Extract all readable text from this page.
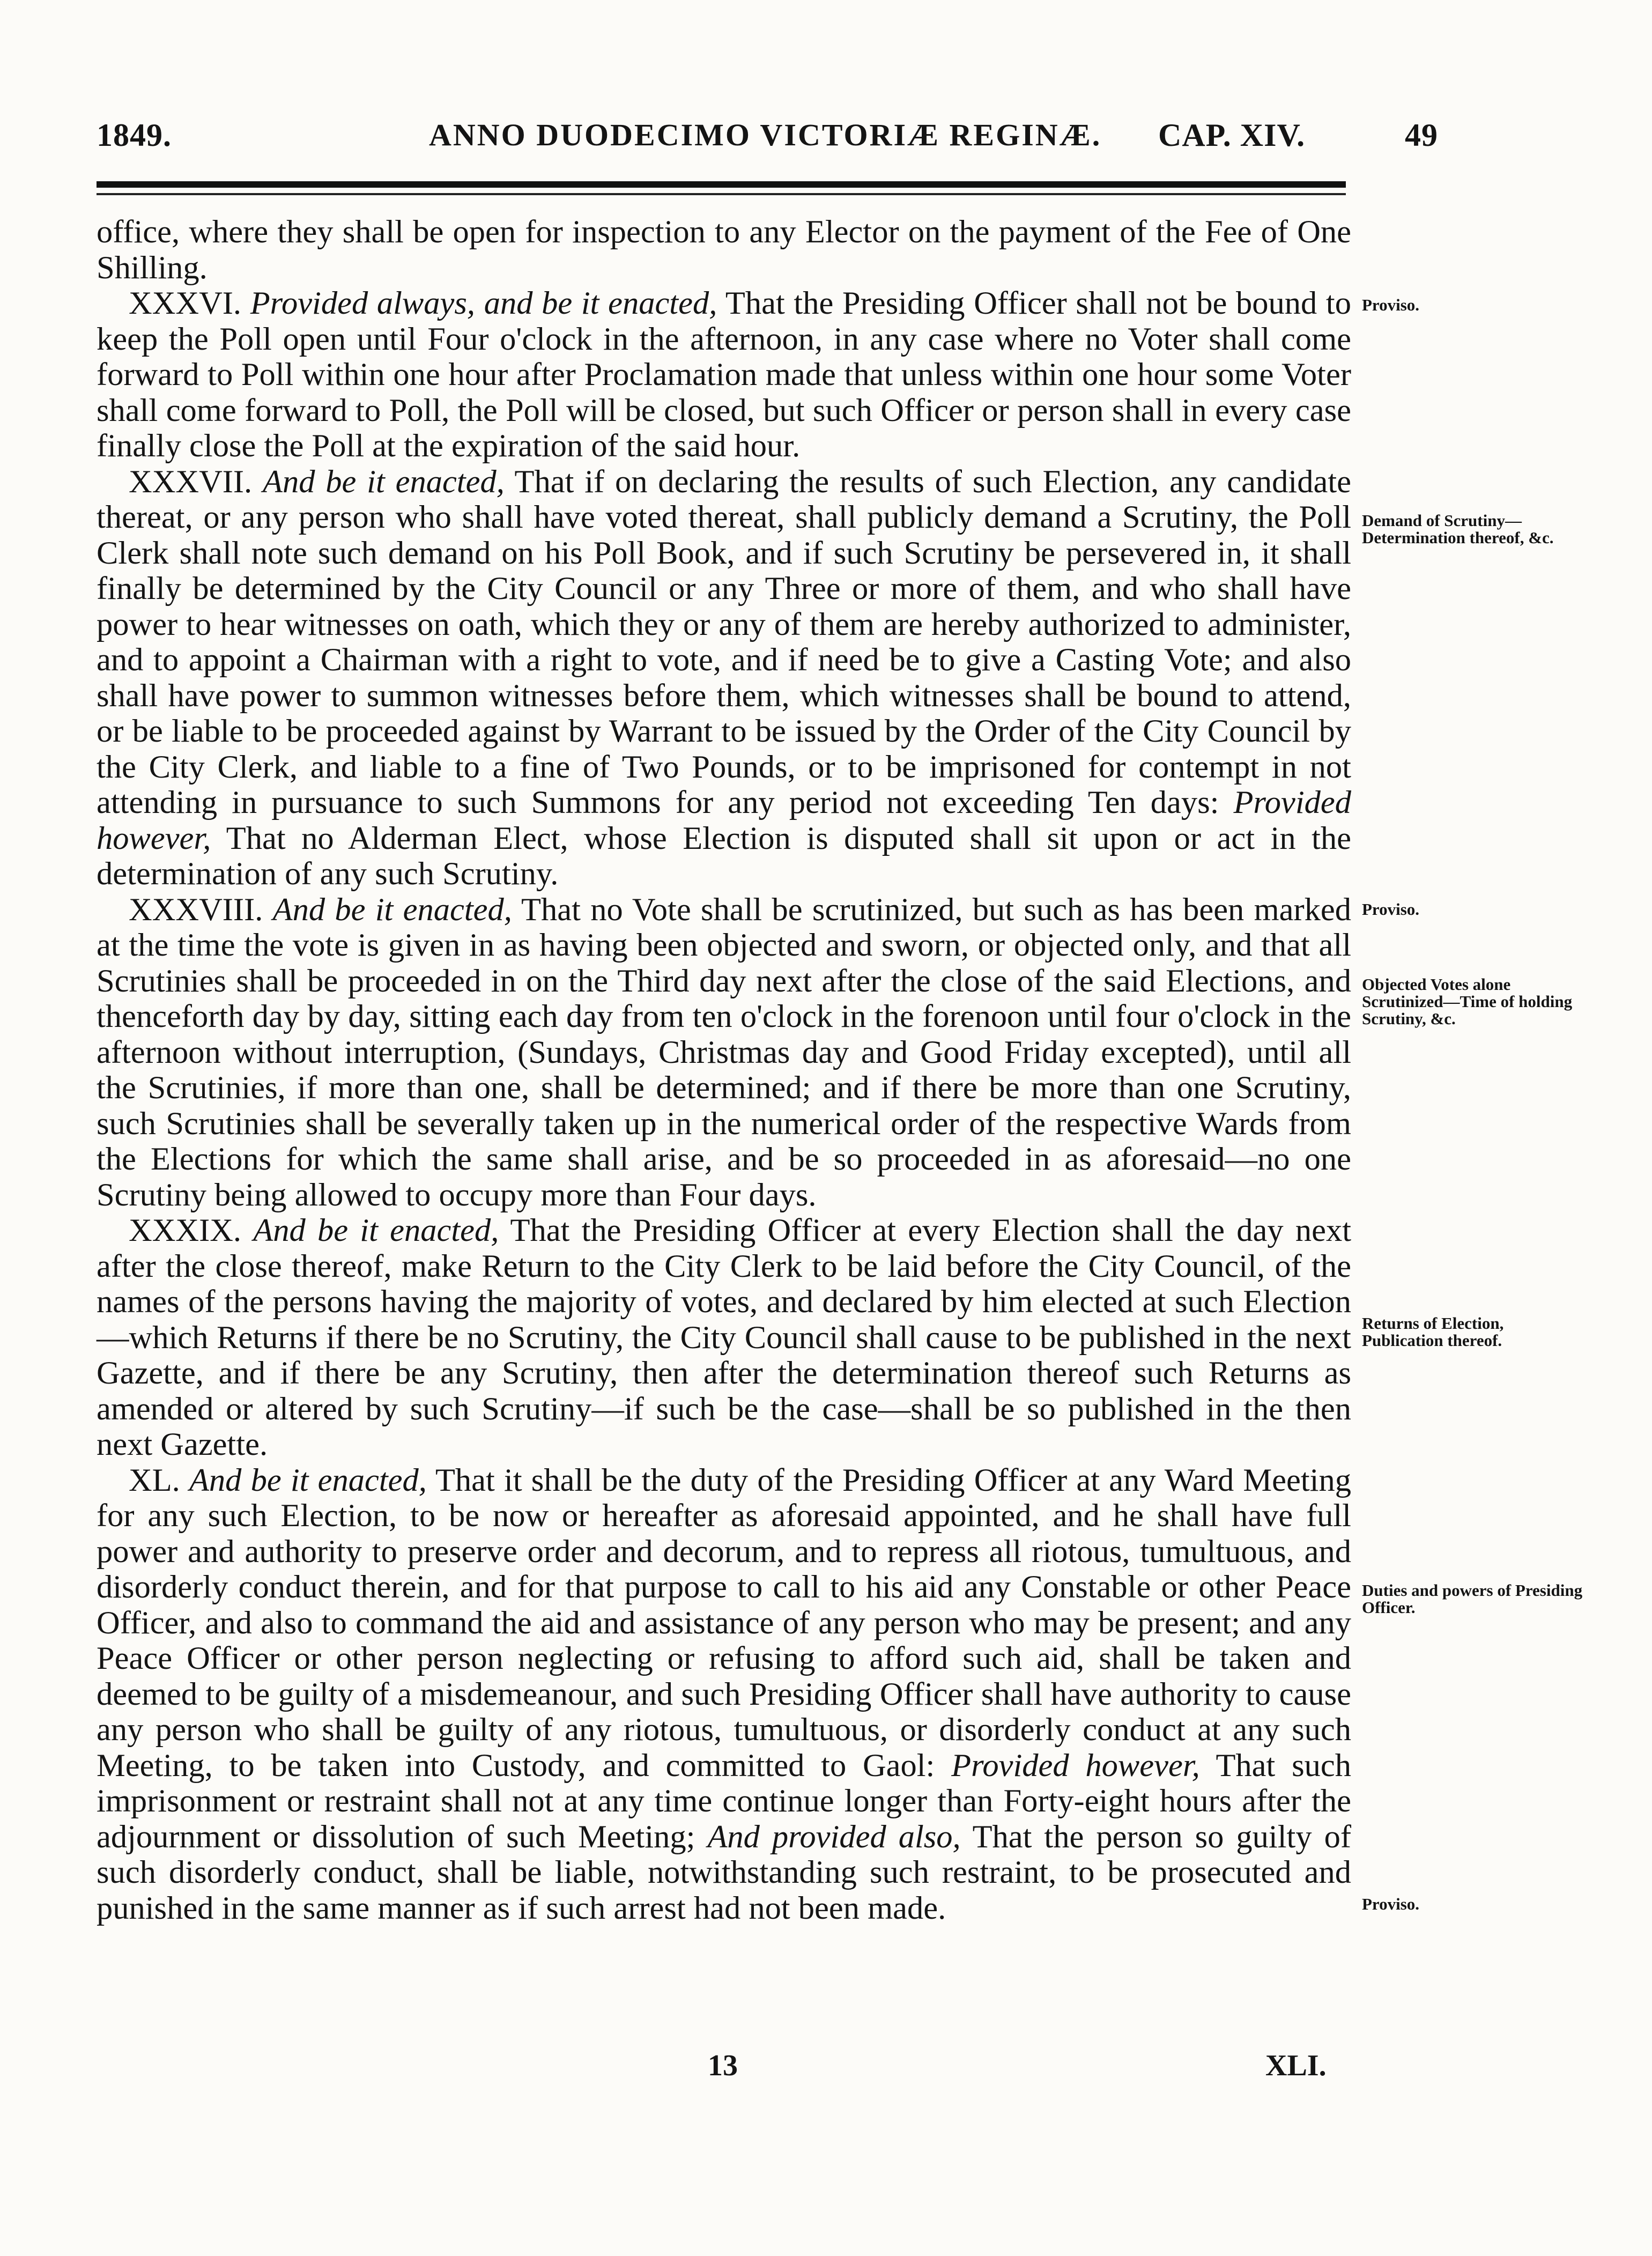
1849.	ANNO DUODECIMO VICTORIÆ REGINÆ. CAP. XIV.	49

office, where they shall be open for inspection to any Elector on the payment of the Fee of One Shilling.

XXXVI. Provided always, and be it enacted, That the Presiding Officer shall not be bound to keep the Poll open until Four o'clock in the afternoon, in any case where no Voter shall come forward to Poll within one hour after Proclamation made that unless within one hour some Voter shall come forward to Poll, the Poll will be closed, but such Officer or person shall in every case finally close the Poll at the expiration of the said hour.

XXXVII. And be it enacted, That if on declaring the results of such Election, any candidate thereat, or any person who shall have voted thereat, shall publicly demand a Scrutiny, the Poll Clerk shall note such demand on his Poll Book, and if such Scrutiny be persevered in, it shall finally be determined by the City Council or any Three or more of them, and who shall have power to hear witnesses on oath, which they or any of them are hereby authorized to administer, and to appoint a Chairman with a right to vote, and if need be to give a Casting Vote; and also shall have power to summon witnesses before them, which witnesses shall be bound to attend, or be liable to be proceeded against by Warrant to be issued by the Order of the City Council by the City Clerk, and liable to a fine of Two Pounds, or to be imprisoned for contempt in not attending in pursuance to such Summons for any period not exceeding Ten days: Provided however, That no Alderman Elect, whose Election is disputed shall sit upon or act in the determination of any such Scrutiny.

XXXVIII. And be it enacted, That no Vote shall be scrutinized, but such as has been marked at the time the vote is given in as having been objected and sworn, or objected only, and that all Scrutinies shall be proceeded in on the Third day next after the close of the said Elections, and thenceforth day by day, sitting each day from ten o'clock in the forenoon until four o'clock in the afternoon without interruption, (Sundays, Christmas day and Good Friday excepted), until all the Scrutinies, if more than one, shall be determined; and if there be more than one Scrutiny, such Scrutinies shall be severally taken up in the numerical order of the respective Wards from the Elections for which the same shall arise, and be so proceeded in as aforesaid—no one Scrutiny being allowed to occupy more than Four days.

XXXIX. And be it enacted, That the Presiding Officer at every Election shall the day next after the close thereof, make Return to the City Clerk to be laid before the City Council, of the names of the persons having the majority of votes, and declared by him elected at such Election—which Returns if there be no Scrutiny, the City Council shall cause to be published in the next Gazette, and if there be any Scrutiny, then after the determination thereof such Returns as amended or altered by such Scrutiny—if such be the case—shall be so published in the then next Gazette.

XL. And be it enacted, That it shall be the duty of the Presiding Officer at any Ward Meeting for any such Election, to be now or hereafter as aforesaid appointed, and he shall have full power and authority to preserve order and decorum, and to repress all riotous, tumultuous, and disorderly conduct therein, and for that purpose to call to his aid any Constable or other Peace Officer, and also to command the aid and assistance of any person who may be present; and any Peace Officer or other person neglecting or refusing to afford such aid, shall be taken and deemed to be guilty of a misdemeanour, and such Presiding Officer shall have authority to cause any person who shall be guilty of any riotous, tumultuous, or disorderly conduct at any such Meeting, to be taken into Custody, and committed to Gaol: Provided however, That such imprisonment or restraint shall not at any time continue longer than Forty-eight hours after the adjournment or dissolution of such Meeting; And provided also, That the person so guilty of such disorderly conduct, shall be liable, notwithstanding such restraint, to be prosecuted and punished in the same manner as if such arrest had not been made.

Proviso.
Demand of Scrutiny—Determination thereof, &c.
Proviso.
Objected Votes alone Scrutinized—Time of holding Scrutiny, &c.
Returns of Election, Publication thereof.
Duties and powers of Presiding Officer.
Proviso.
13	XLI.
